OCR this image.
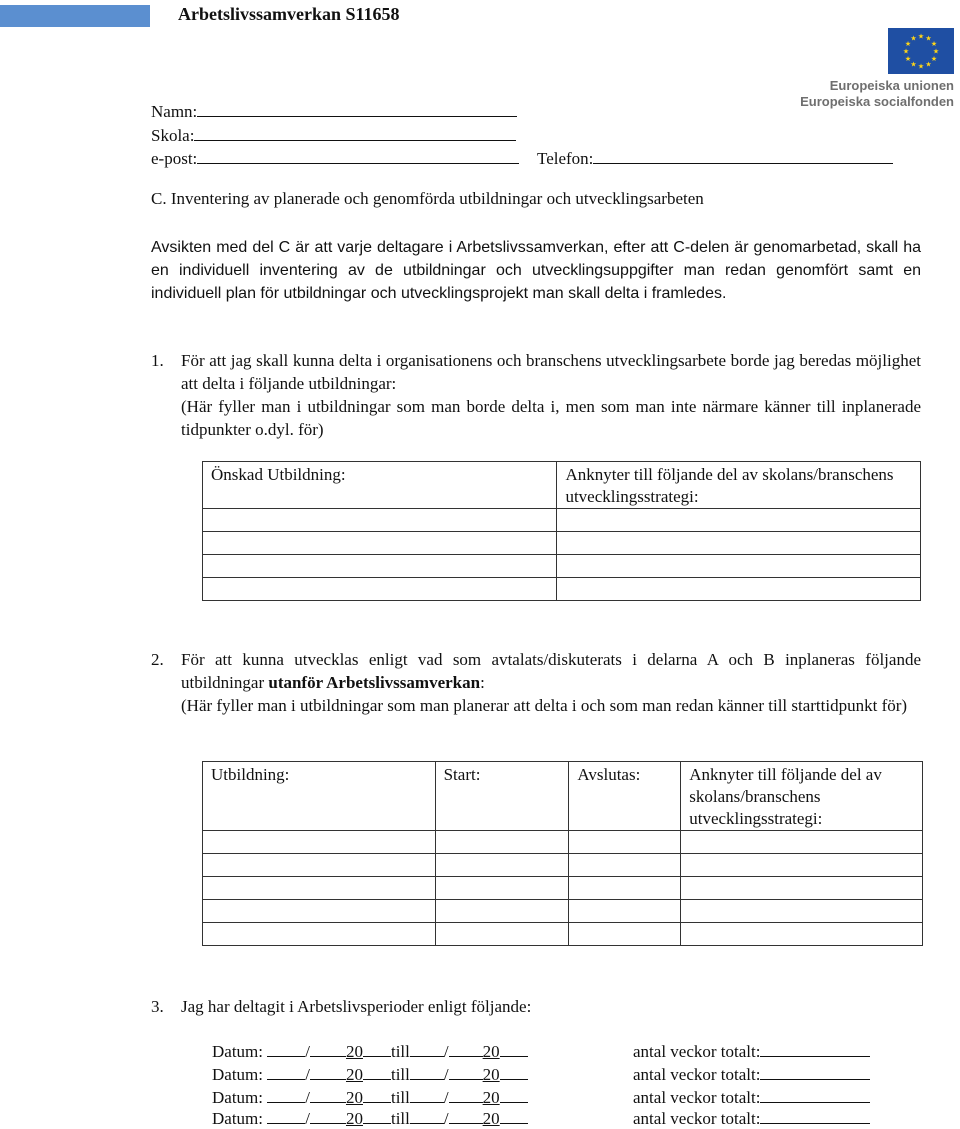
Arbetslivssamverkan S11658
★ ★
★
★
★
★
★
★
★
★
★
★
Europeiska unionen
Europeiska socialfonden
Namn:
Skola:
e-post:	Telefon:
C. Inventering av planerade och genomförda utbildningar och utvecklingsarbeten
Avsikten med del C är att varje deltagare i Arbetslivssamverkan, efter att C-delen är genomarbetad, skall ha en individuell inventering av de utbildningar och utvecklingsuppgifter man redan genomfört samt en individuell plan för utbildningar och utvecklingsprojekt man skall delta i framledes.
1. För att jag skall kunna delta i organisationens och branschens utvecklingsarbete borde jag beredas möjlighet att delta i följande utbildningar:
(Här fyller man i utbildningar som man borde delta i, men som man inte närmare känner till inplanerade tidpunkter o.dyl. för)
Önskad Utbildning:	Anknyter till följande del av skolans/branschens utvecklingsstrategi:

2. För att kunna utvecklas enligt vad som avtalats/diskuterats i delarna A och B inplaneras följande utbildningar utanför Arbetslivssamverkan:
(Här fyller man i utbildningar som man planerar att delta i och som man redan känner till starttidpunkt för)
Utbildning:	Start:	Avslutas:	Anknyter till följande del av skolans/branschens utvecklingsstrategi:

3. Jag har deltagit i Arbetslivsperioder enligt följande:
Datum: / 20 till / 20	antal veckor totalt:
Datum: / 20 till / 20	antal veckor totalt:
Datum: / 20 till / 20	antal veckor totalt:
Datum: / 20 till / 20	antal veckor totalt:
